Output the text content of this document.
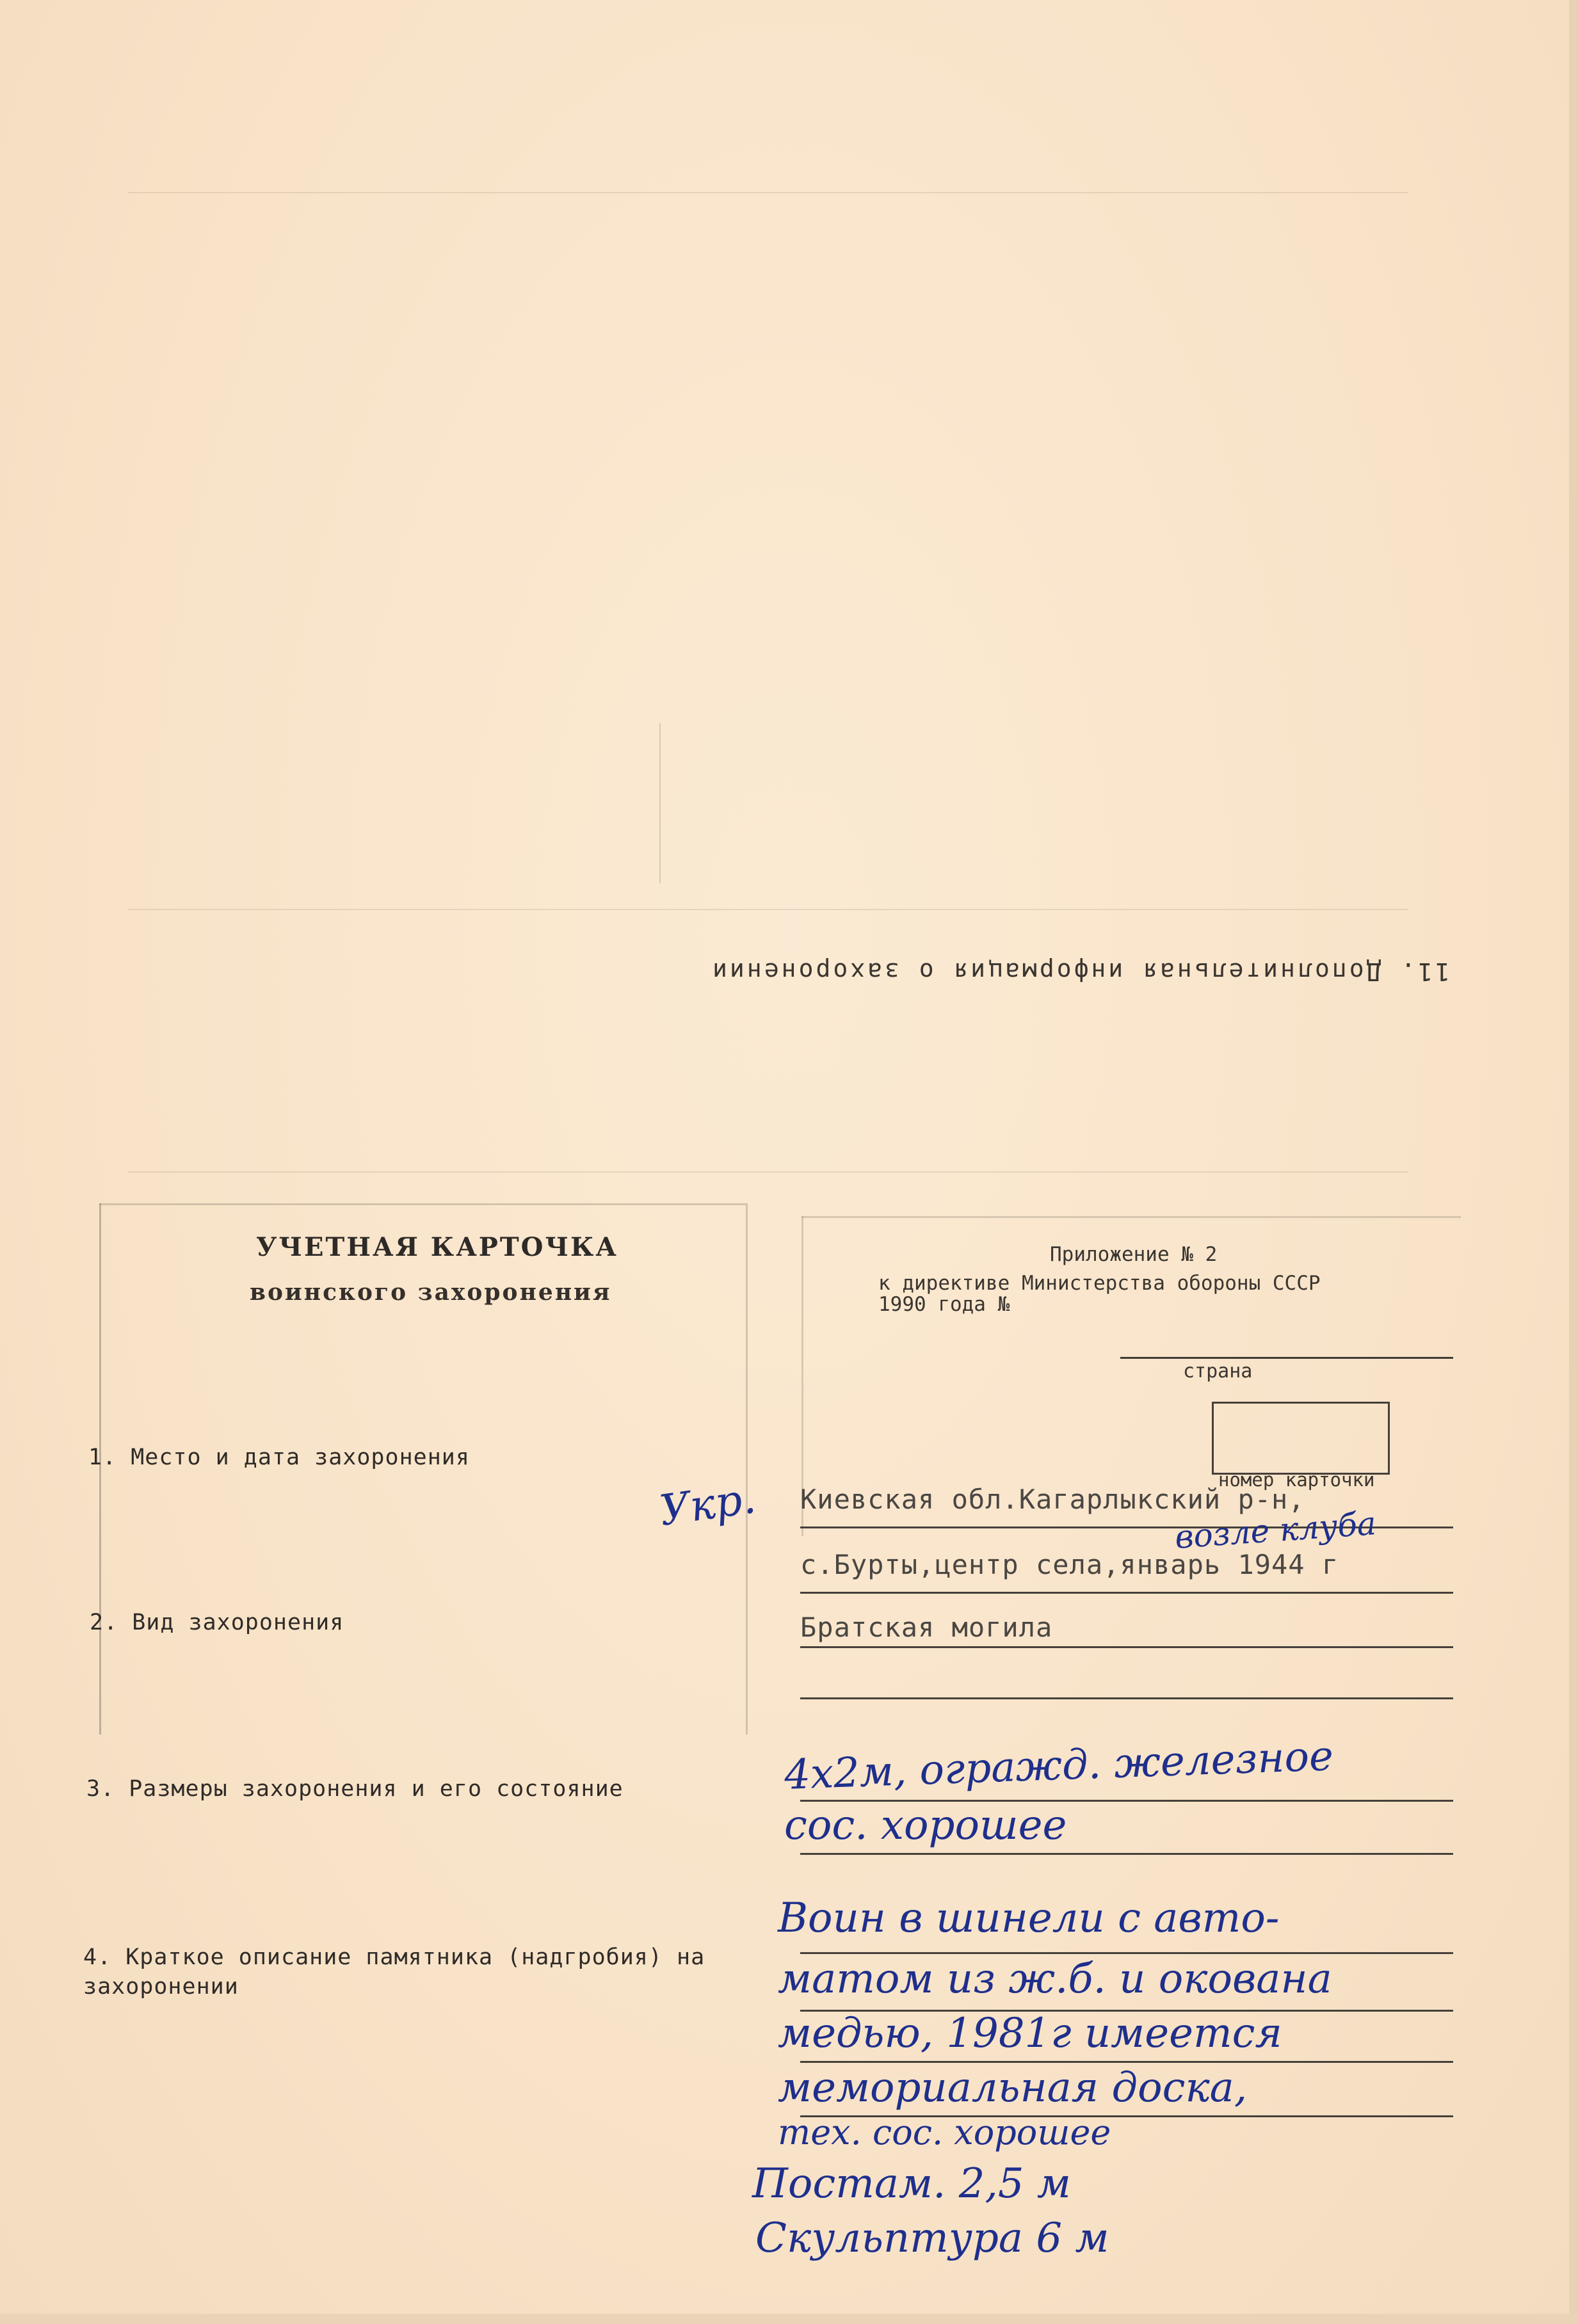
11. Дополнительная информация о захоронении
УЧЕТНАЯ КАРТОЧКА
воинского захоронения
Приложение № 2
к директиве Министерства обороны СССР
1990 года №
страна
номер карточки
1. Место и дата захоронения
Укр. Киевская обл.Кагарлыкский р-н,
возле клуба
с.Бурты,центр села,январь 1944 г
2. Вид захоронения	Братская могила
3. Размеры захоронения и его состояние	4х2м, огражд. железное
сос. хорошее
4. Краткое описание памятника (надгробия) на захоронении
Воин в шинели с авто-
матом из ж.б. и окована
медью, 1981г имеется
мемориальная доска,
тех. сос. хорошее
Постам. 2,5 м
Скульптура 6 м
